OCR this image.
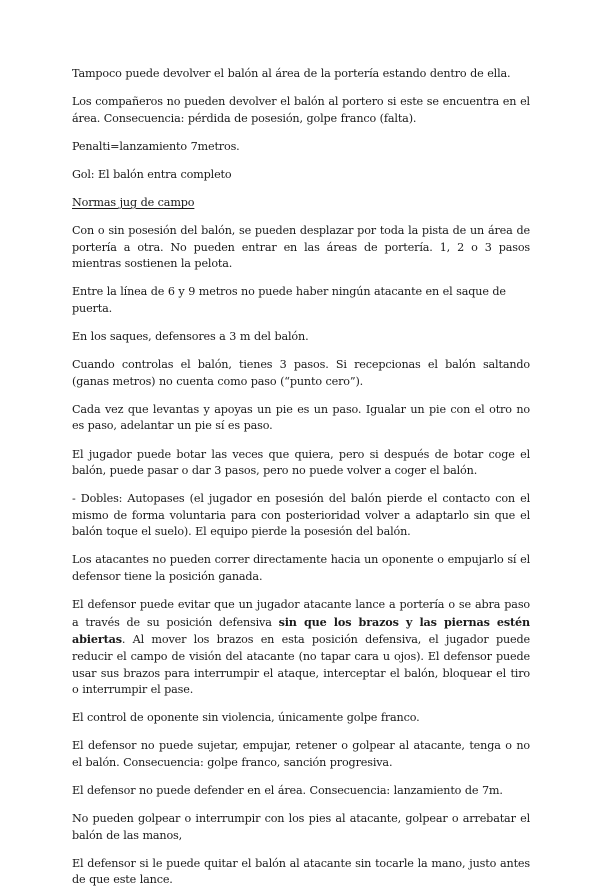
Tampoco puede devolver el balón al área de la portería estando dentro de ella.

Los compañeros no pueden devolver el balón al portero si este se encuentra en el área. Consecuencia: pérdida de posesión, golpe franco (falta).

Penalti=lanzamiento 7metros.

Gol: El balón entra completo

Normas jug de campo

Con o sin posesión del balón, se pueden desplazar por toda la pista de un área de portería a otra. No pueden entrar en las áreas de portería. 1, 2 o 3 pasos mientras sostienen la pelota.

Entre la línea de 6 y 9 metros no puede haber ningún atacante en el saque de puerta.

En los saques, defensores a 3 m del balón.

Cuando controlas el balón, tienes 3 pasos. Si recepcionas el balón saltando (ganas metros) no cuenta como paso (“punto cero”).

Cada vez que levantas y apoyas un pie es un paso. Igualar un pie con el otro no es paso, adelantar un pie sí es paso.

El jugador puede botar las veces que quiera, pero si después de botar coge el balón, puede pasar o dar 3 pasos, pero no puede volver a coger el balón.

- Dobles: Autopases (el jugador en posesión del balón pierde el contacto con el mismo de forma voluntaria para con posterioridad volver a adaptarlo sin que el balón toque el suelo). El equipo pierde la posesión del balón.

Los atacantes no pueden correr directamente hacia un oponente o empujarlo sí el defensor tiene la posición ganada.

El defensor puede evitar que un jugador atacante lance a portería o se abra paso a través de su posición defensiva sin que los brazos y las piernas estén abiertas. Al mover los brazos en esta posición defensiva, el jugador puede reducir el campo de visión del atacante (no tapar cara u ojos). El defensor puede usar sus brazos para interrumpir el ataque, interceptar el balón, bloquear el tiro o interrumpir el pase.

El control de oponente sin violencia, únicamente golpe franco.

El defensor no puede sujetar, empujar, retener o golpear al atacante, tenga o no el balón. Consecuencia: golpe franco, sanción progresiva.

El defensor no puede defender en el área. Consecuencia: lanzamiento de 7m.

No pueden golpear o interrumpir con los pies al atacante, golpear o arrebatar el balón de las manos,

El defensor si le puede quitar el balón al atacante sin tocarle la mano, justo antes de que este lance.
